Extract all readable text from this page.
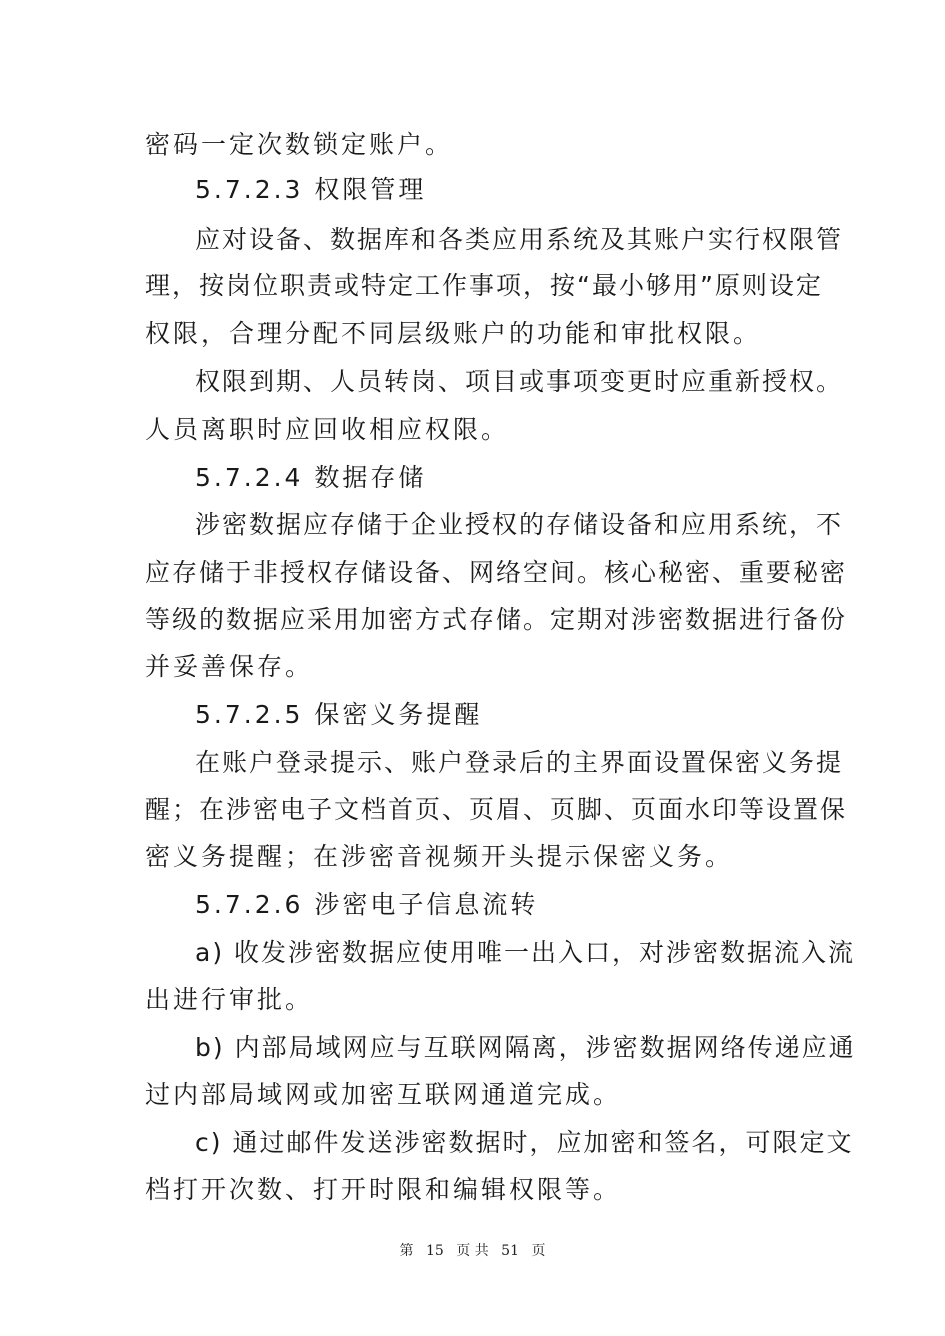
密码一定次数锁定账户。
5.7.2.3 权限管理
应对设备、数据库和各类应用系统及其账户实行权限管
理，按岗位职责或特定工作事项，按“最小够用”原则设定
权限，合理分配不同层级账户的功能和审批权限。
权限到期、人员转岗、项目或事项变更时应重新授权。
人员离职时应回收相应权限。
5.7.2.4 数据存储
涉密数据应存储于企业授权的存储设备和应用系统，不
应存储于非授权存储设备、网络空间。核心秘密、重要秘密
等级的数据应采用加密方式存储。定期对涉密数据进行备份
并妥善保存。
5.7.2.5 保密义务提醒
在账户登录提示、账户登录后的主界面设置保密义务提
醒；在涉密电子文档首页、页眉、页脚、页面水印等设置保
密义务提醒；在涉密音视频开头提示保密义务。
5.7.2.6 涉密电子信息流转
a) 收发涉密数据应使用唯一出入口，对涉密数据流入流
出进行审批。
b) 内部局域网应与互联网隔离，涉密数据网络传递应通
过内部局域网或加密互联网通道完成。
c) 通过邮件发送涉密数据时，应加密和签名，可限定文
档打开次数、打开时限和编辑权限等。
第 15 页 共 51 页
